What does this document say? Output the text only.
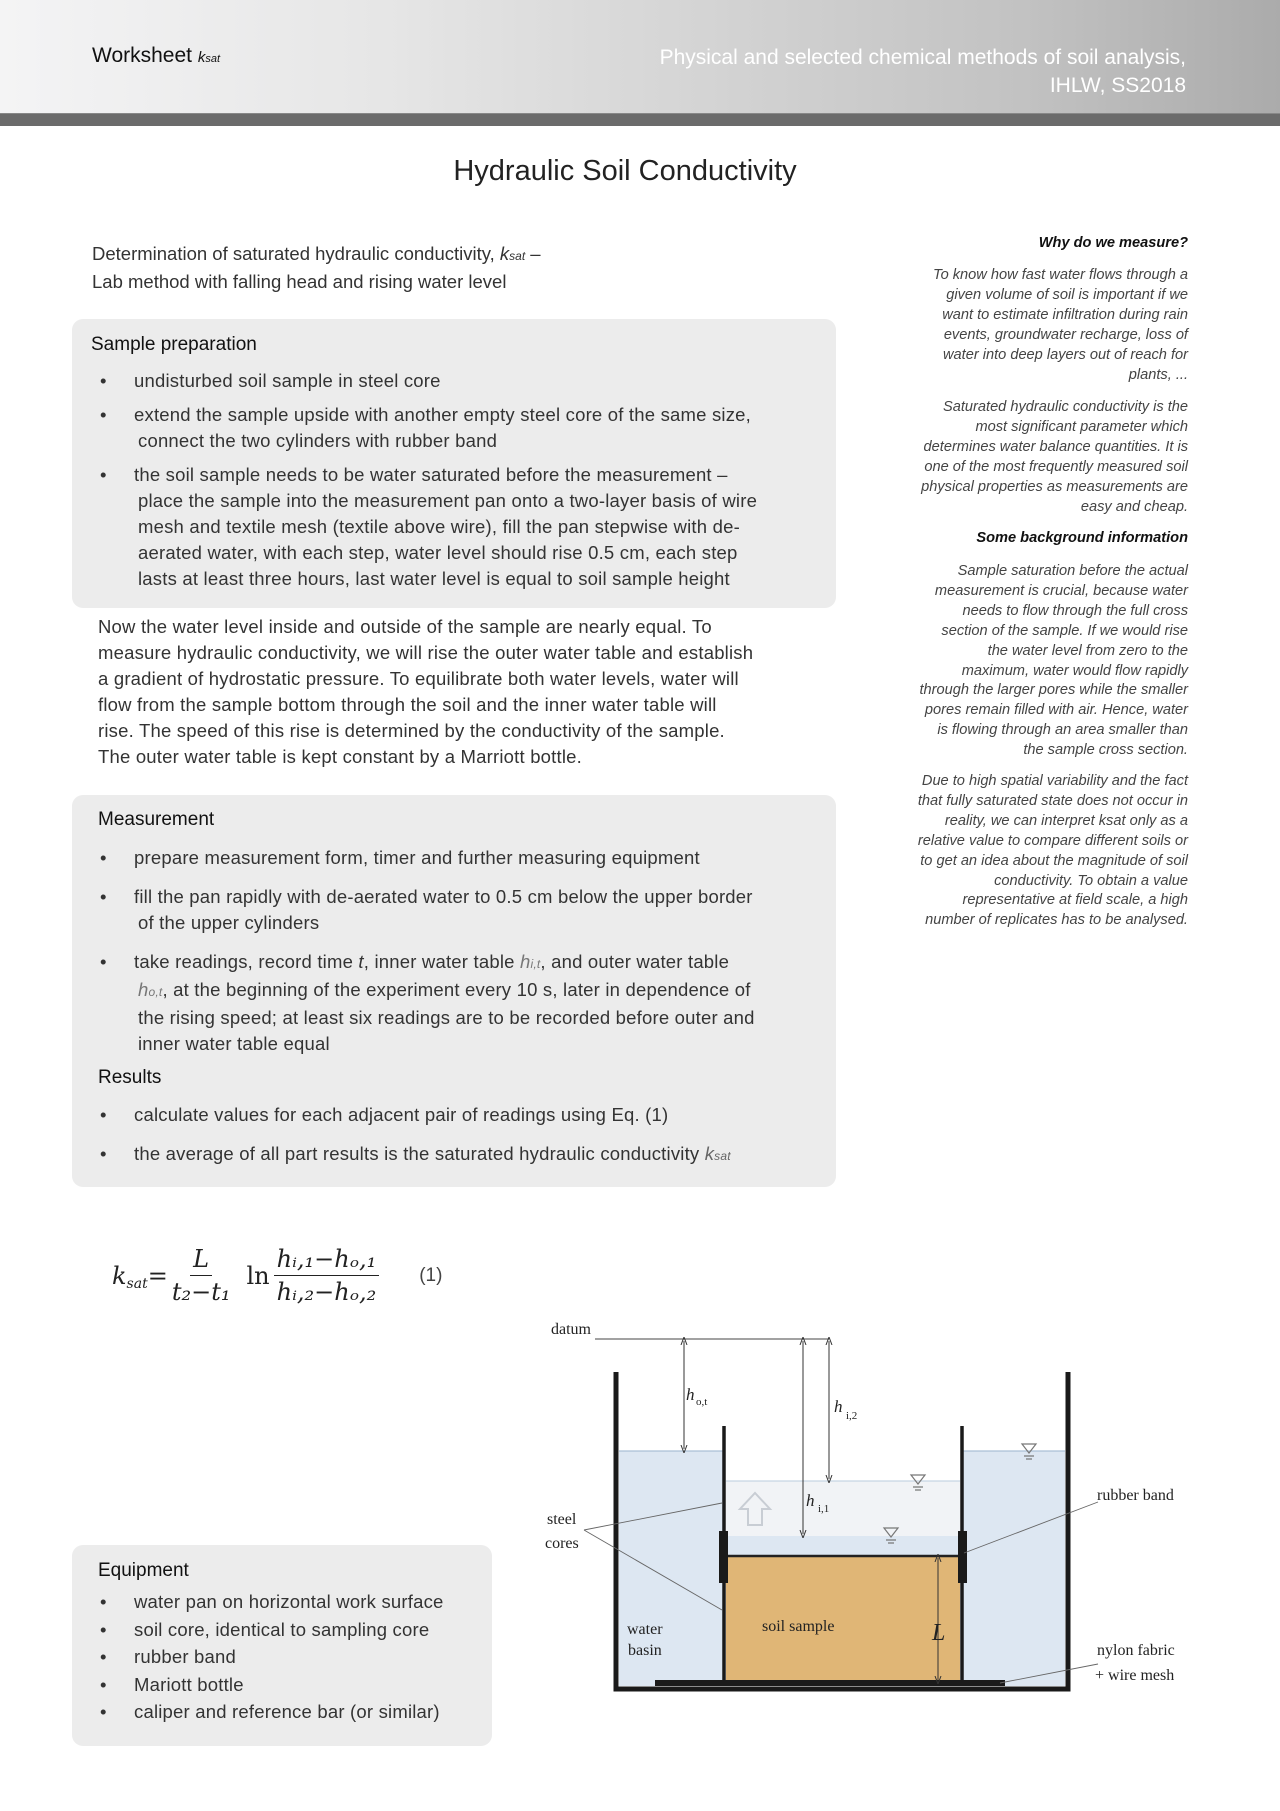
Worksheet ksat	Physical and selected chemical methods of soil analysis,
IHLW, SS2018
Hydraulic Soil Conductivity
Determination of saturated hydraulic conductivity, ksat –
Lab method with falling head and rising water level
Sample preparation
• undisturbed soil sample in steel core
• extend the sample upside with another empty steel core of the same size,
connect the two cylinders with rubber band
• the soil sample needs to be water saturated before the measurement –
place the sample into the measurement pan onto a two-layer basis of wire
mesh and textile mesh (textile above wire), fill the pan stepwise with de-
aerated water, with each step, water level should rise 0.5 cm, each step
lasts at least three hours, last water level is equal to soil sample height
Now the water level inside and outside of the sample are nearly equal. To
measure hydraulic conductivity, we will rise the outer water table and establish
a gradient of hydrostatic pressure. To equilibrate both water levels, water will
flow from the sample bottom through the soil and the inner water table will
rise. The speed of this rise is determined by the conductivity of the sample.
The outer water table is kept constant by a Marriott bottle.
Measurement
• prepare measurement form, timer and further measuring equipment
• fill the pan rapidly with de-aerated water to 0.5 cm below the upper border
of the upper cylinders
• take readings, record time t, inner water table hi,t, and outer water table
ho,t, at the beginning of the experiment every 10 s, later in dependence of
the rising speed; at least six readings are to be recorded before outer and
inner water table equal
Results
• calculate values for each adjacent pair of readings using Eq. (1)
• the average of all part results is the saturated hydraulic conductivity ksat
k $_{sat} = \frac{L}{\text{t₂−t₁}}$ $\ln \frac{\text{hᵢ,₁−hₒ,₁}}{\text{hᵢ,₂−hₒ,₂}} (1)$
Equipment
• water pan on horizontal work surface
• soil core, identical to sampling core
• rubber band
• Mariott bottle
• caliper and reference bar (or similar)
Why do we measure?
To know how fast water flows through a
given volume of soil is important if we
want to estimate infiltration during rain
events, groundwater recharge, loss of
water into deep layers out of reach for
plants, ...
Saturated hydraulic conductivity is the
most significant parameter which
determines water balance quantities. It is
one of the most frequently measured soil
physical properties as measurements are
easy and cheap.
Some background information
Sample saturation before the actual
measurement is crucial, because water
needs to flow through the full cross
section of the sample. If we would rise
the water level from zero to the
maximum, water would flow rapidly
through the larger pores while the smaller
pores remain filled with air. Hence, water
is flowing through an area smaller than
the sample cross section.
Due to high spatial variability and the fact
that fully saturated state does not occur in
reality, we can interpret ksat only as a
relative value to compare different soils or
to get an idea about the magnitude of soil
conductivity. To obtain a value
representative at field scale, a high
number of replicates has to be analysed.
datum
h o,t	h i,2
h i,1
steel
cores
rubber band
water
basin
soil sample	L
nylon fabric
+ wire mesh
